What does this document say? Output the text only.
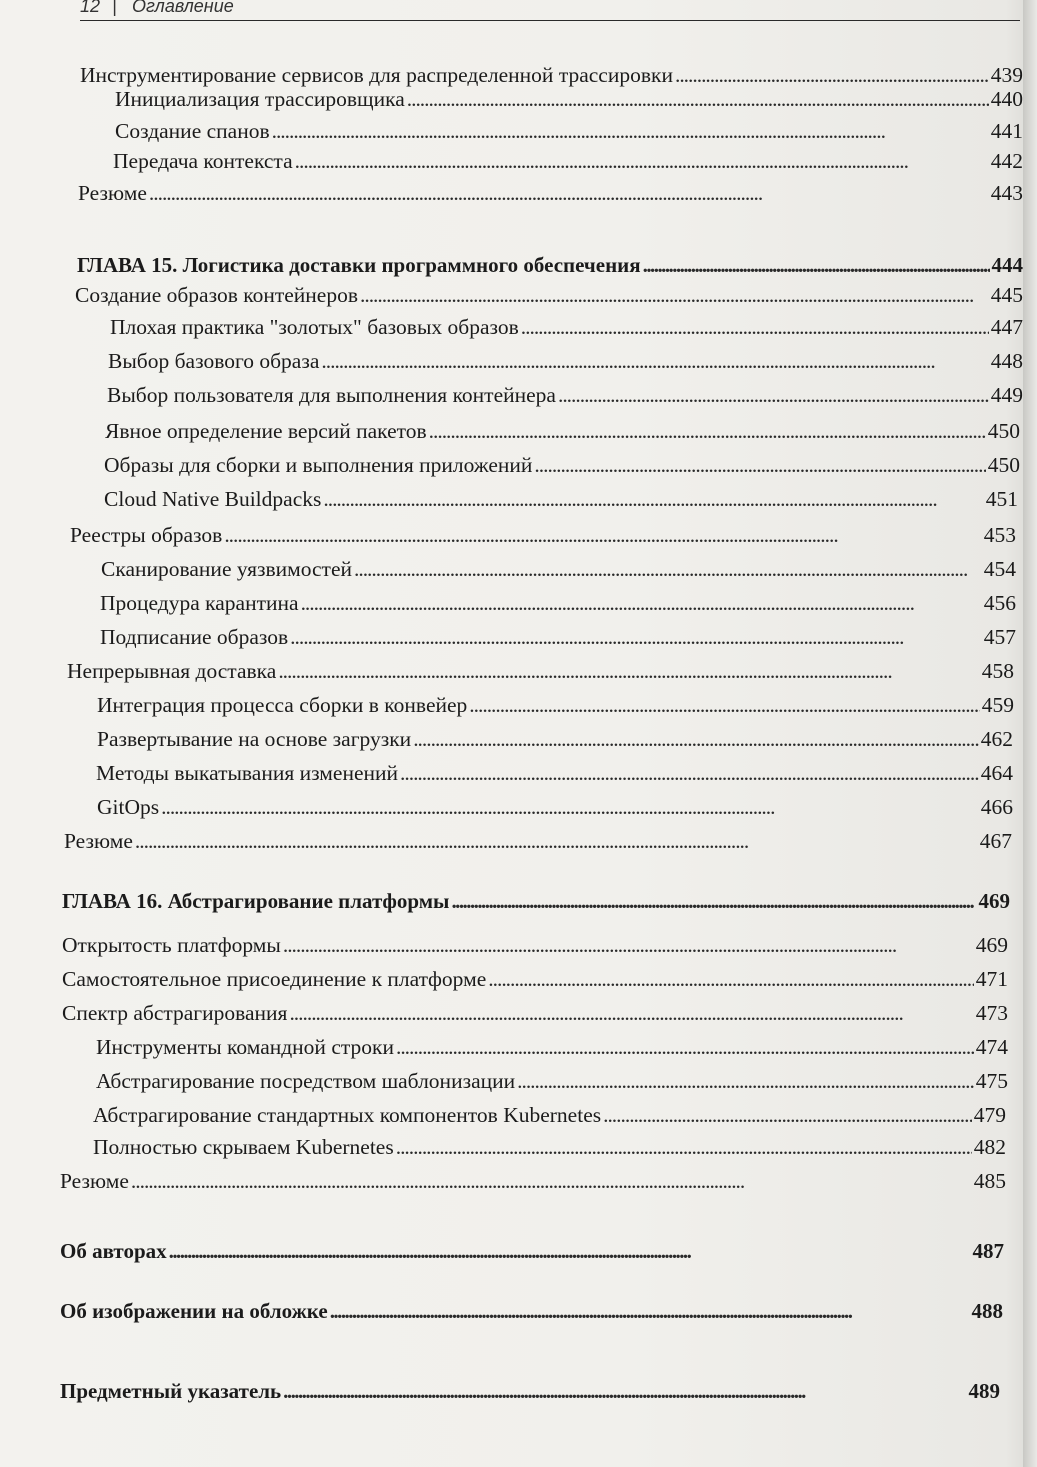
12 | Оглавление
Инструментирование сервисов для распределенной трассировки . . .	439
Инициализация трассировщика . . .	440
Создание спанов . . .	441
Передача контекста . . .	442
Резюме . . .	443
ГЛАВА 15. Логистика доставки программного обеспечения . . .	444
Создание образов контейнеров . . .	445
Плохая практика "золотых" базовых образов . . .	447
Выбор базового образа . . .	448
Выбор пользователя для выполнения контейнера . . .	449
Явное определение версий пакетов . . .	450
Образы для сборки и выполнения приложений . . .	450
Cloud Native Buildpacks . . .	451
Реестры образов . . .	453
Сканирование уязвимостей . . .	454
Процедура карантина . . .	456
Подписание образов . . .	457
Непрерывная доставка . . .	458
Интеграция процесса сборки в конвейер . . .	459
Развертывание на основе загрузки . . .	462
Методы выкатывания изменений . . .	464
GitOps . . .	466
Резюме . . .	467
ГЛАВА 16. Абстрагирование платформы . . .	469
Открытость платформы . . .	469
Самостоятельное присоединение к платформе . . .	471
Спектр абстрагирования . . .	473
Инструменты командной строки . . .	474
Абстрагирование посредством шаблонизации . . .	475
Абстрагирование стандартных компонентов Kubernetes . . .	479
Полностью скрываем Kubernetes . . .	482
Резюме . . .	485
Об авторах . . .	487
Об изображении на обложке . . .	488
Предметный указатель . . .	489
